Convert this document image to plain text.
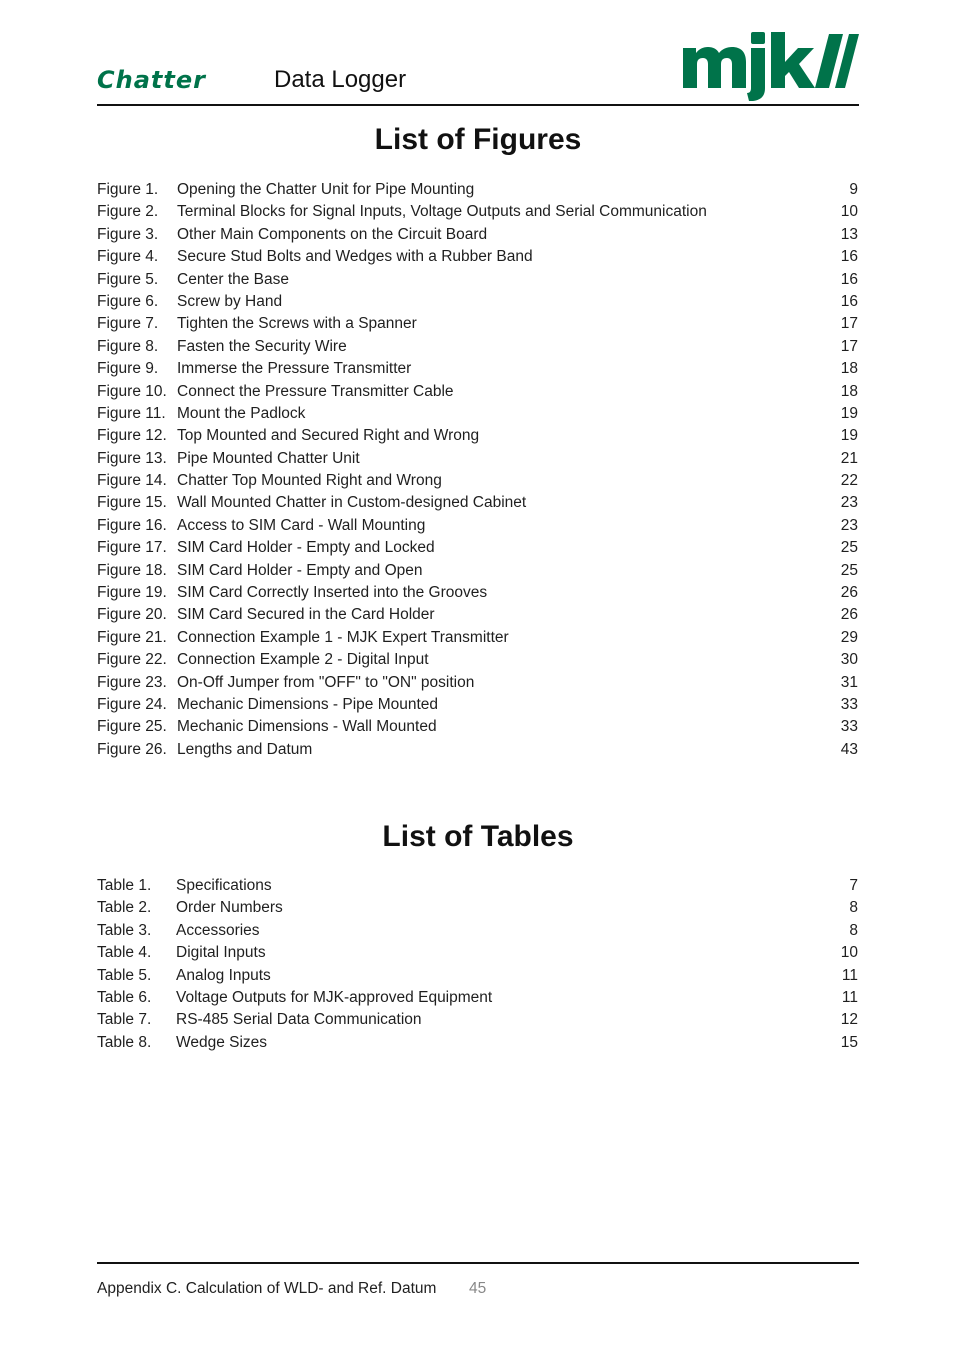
Chatter	Data Logger
List of Figures
Figure 1. Opening the Chatter Unit for Pipe Mounting	9
Figure 2. Terminal Blocks for Signal Inputs, Voltage Outputs and Serial Communication	10
Figure 3. Other Main Components on the Circuit Board	13
Figure 4. Secure Stud Bolts and Wedges with a Rubber Band	16
Figure 5. Center the Base	16
Figure 6. Screw by Hand	16
Figure 7. Tighten the Screws with a Spanner	17
Figure 8. Fasten the Security Wire	17
Figure 9. Immerse the Pressure Transmitter	18
Figure 10. Connect the Pressure Transmitter Cable	18
Figure 11. Mount the Padlock	19
Figure 12. Top Mounted and Secured Right and Wrong	19
Figure 13. Pipe Mounted Chatter Unit	21
Figure 14. Chatter Top Mounted Right and Wrong	22
Figure 15. Wall Mounted Chatter in Custom-designed Cabinet	23
Figure 16. Access to SIM Card - Wall Mounting	23
Figure 17. SIM Card Holder - Empty and Locked	25
Figure 18. SIM Card Holder - Empty and Open	25
Figure 19. SIM Card Correctly Inserted into the Grooves	26
Figure 20. SIM Card Secured in the Card Holder	26
Figure 21. Connection Example 1 - MJK Expert Transmitter	29
Figure 22. Connection Example 2 - Digital Input	30
Figure 23. On-Off Jumper from "OFF" to "ON" position	31
Figure 24. Mechanic Dimensions - Pipe Mounted	33
Figure 25. Mechanic Dimensions - Wall Mounted	33
Figure 26. Lengths and Datum	43
List of Tables
Table 1. Specifications	7
Table 2. Order Numbers	8
Table 3. Accessories	8
Table 4. Digital Inputs	10
Table 5. Analog Inputs	11
Table 6. Voltage Outputs for MJK-approved Equipment	11
Table 7. RS-485 Serial Data Communication	12
Table 8. Wedge Sizes	15
Appendix C. Calculation of WLD- and Ref. Datum 45
